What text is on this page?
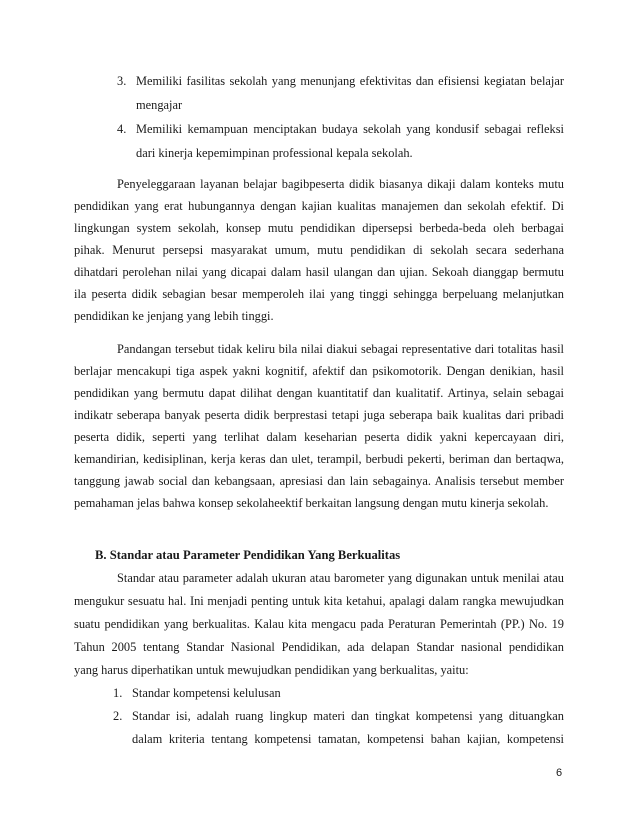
3. Memiliki fasilitas sekolah yang menunjang efektivitas dan efisiensi kegiatan belajar
mengajar
4. Memiliki kemampuan menciptakan budaya sekolah yang kondusif sebagai refleksi
dari kinerja kepemimpinan professional kepala sekolah.
Penyeleggaraan layanan belajar bagibpeserta didik biasanya dikaji dalam konteks mutu
pendidikan yang erat hubungannya dengan kajian kualitas manajemen dan sekolah efektif. Di
lingkungan system sekolah, konsep mutu pendidikan dipersepsi berbeda-beda oleh berbagai
pihak. Menurut persepsi masyarakat umum, mutu pendidikan di sekolah secara sederhana
dihatdari perolehan nilai yang dicapai dalam hasil ulangan dan ujian. Sekoah dianggap bermutu
ila peserta didik sebagian besar memperoleh ilai yang tinggi sehingga berpeluang melanjutkan
pendidikan ke jenjang yang lebih tinggi.
Pandangan tersebut tidak keliru bila nilai diakui sebagai representative dari totalitas hasil
berlajar mencakupi tiga aspek yakni kognitif, afektif dan psikomotorik. Dengan denikian, hasil
pendidikan yang bermutu dapat dilihat dengan kuantitatif dan kualitatif. Artinya, selain sebagai
indikatr seberapa banyak peserta didik berprestasi tetapi juga seberapa baik kualitas dari pribadi
peserta didik, seperti yang terlihat dalam keseharian peserta didik yakni kepercayaan diri,
kemandirian, kedisiplinan, kerja keras dan ulet, terampil, berbudi pekerti, beriman dan bertaqwa,
tanggung jawab social dan kebangsaan, apresiasi dan lain sebagainya. Analisis tersebut member
pemahaman jelas bahwa konsep sekolaheektif berkaitan langsung dengan mutu kinerja sekolah.
B. Standar atau Parameter Pendidikan Yang Berkualitas
Standar atau parameter adalah ukuran atau barometer yang digunakan untuk menilai atau
mengukur sesuatu hal. Ini menjadi penting untuk kita ketahui, apalagi dalam rangka mewujudkan
suatu pendidikan yang berkualitas. Kalau kita mengacu pada Peraturan Pemerintah (PP.) No. 19
Tahun 2005 tentang Standar Nasional Pendidikan, ada delapan Standar nasional pendidikan
yang harus diperhatikan untuk mewujudkan pendidikan yang berkualitas, yaitu:
1. Standar kompetensi kelulusan
2. Standar isi, adalah ruang lingkup materi dan tingkat kompetensi yang dituangkan
dalam kriteria tentang kompetensi tamatan, kompetensi bahan kajian, kompetensi
6
